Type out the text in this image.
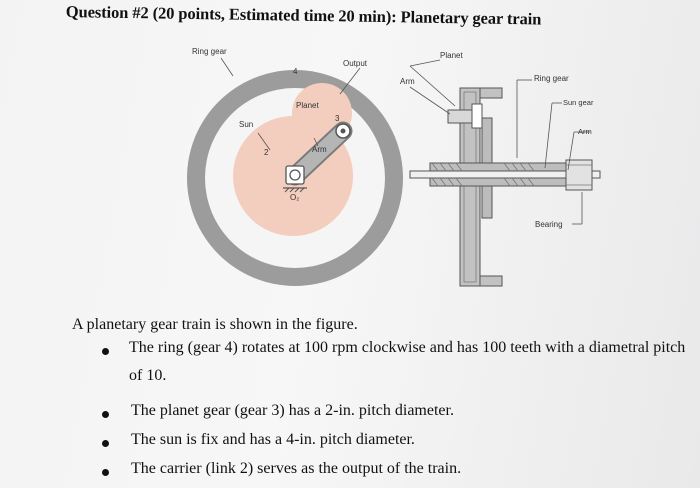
Question #2 (20 points, Estimated time 20 min): Planetary gear train
Ring gear
Output
4
Planet
Sun
3
2	Arm
O₂
Planet
Arm	Ring gear
Sun gear
Arm
Bearing
A planetary gear train is shown in the figure.
The ring (gear 4) rotates at 100 rpm clockwise and has 100 teeth with a diametral pitch
of 10.
The planet gear (gear 3) has a 2-in. pitch diameter.
The sun is fix and has a 4-in. pitch diameter.
The carrier (link 2) serves as the output of the train.
